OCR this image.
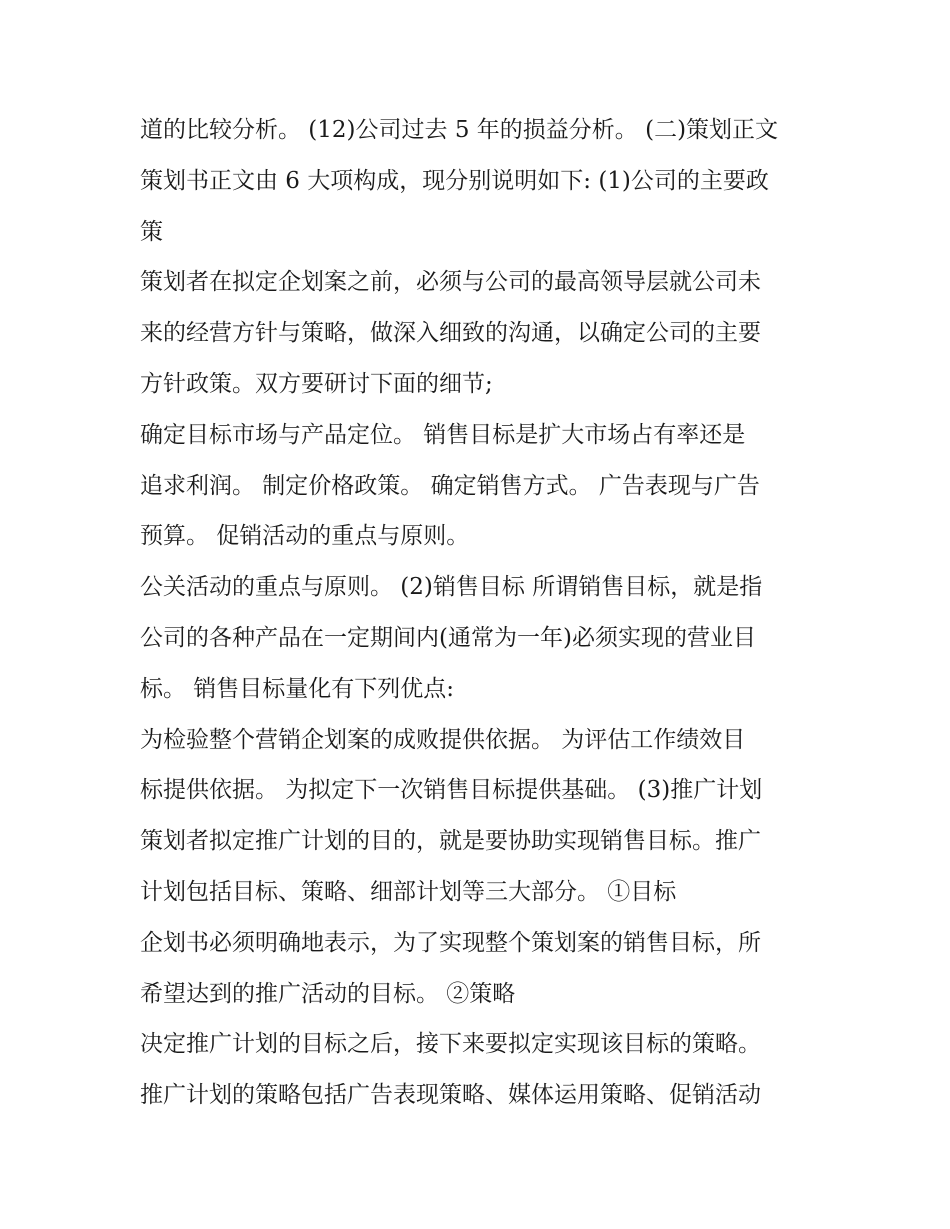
道的比较分析。 (12)公司过去 5 年的损益分析。 (二)策划正文
策划书正文由 6 大项构成，现分别说明如下: (1)公司的主要政
策
策划者在拟定企划案之前，必须与公司的最高领导层就公司未
来的经营方针与策略，做深入细致的沟通，以确定公司的主要
方针政策。双方要研讨下面的细节;
确定目标市场与产品定位。 销售目标是扩大市场占有率还是
追求利润。 制定价格政策。 确定销售方式。 广告表现与广告
预算。 促销活动的重点与原则。
公关活动的重点与原则。 (2)销售目标 所谓销售目标，就是指
公司的各种产品在一定期间内(通常为一年)必须实现的营业目
标。 销售目标量化有下列优点:
为检验整个营销企划案的成败提供依据。 为评估工作绩效目
标提供依据。 为拟定下一次销售目标提供基础。 (3)推广计划
策划者拟定推广计划的目的，就是要协助实现销售目标。推广
计划包括目标、策略、细部计划等三大部分。 ①目标
企划书必须明确地表示，为了实现整个策划案的销售目标，所
希望达到的推广活动的目标。 ②策略
决定推广计划的目标之后，接下来要拟定实现该目标的策略。
推广计划的策略包括广告表现策略、媒体运用策略、促销活动
